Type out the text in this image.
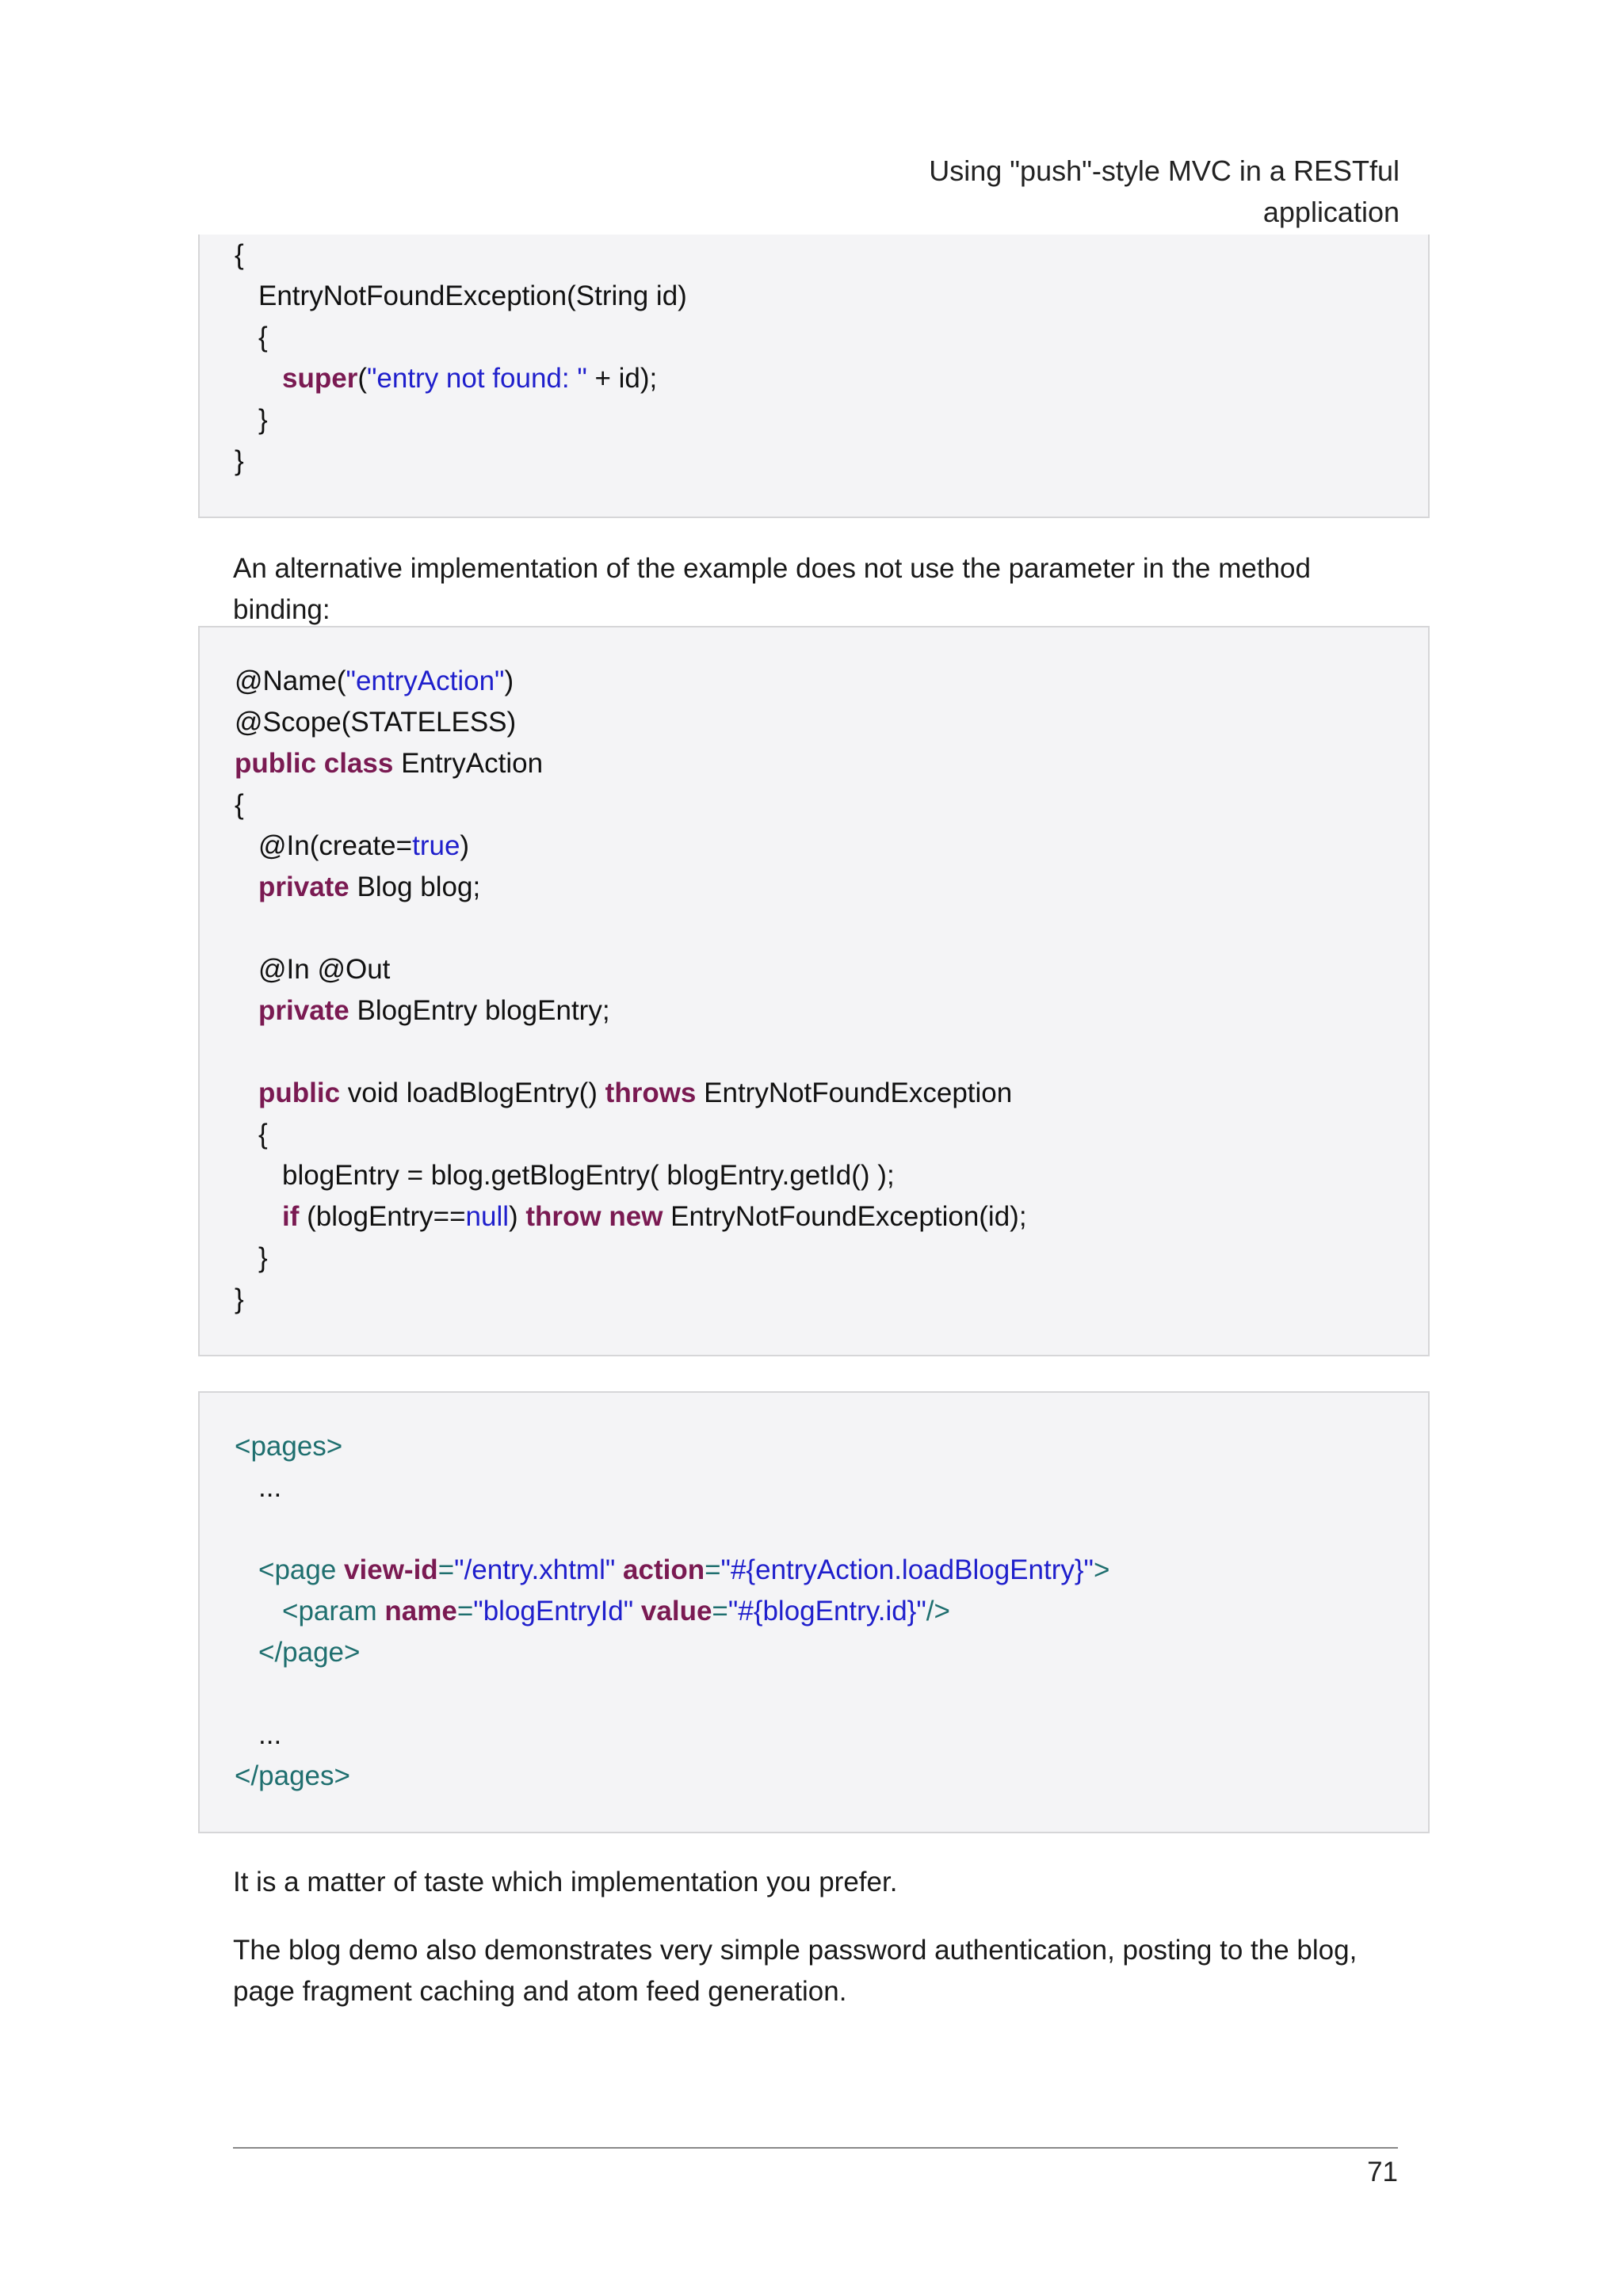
Using "push"-style MVC in a RESTful
application
{
EntryNotFoundException(String id)
{
super("entry not found: " + id);
}
}
An alternative implementation of the example does not use the parameter in the method binding:
@Name("entryAction")
@Scope(STATELESS)
public class EntryAction
{
@In(create=true)
private Blog blog;
@In @Out
private BlogEntry blogEntry;
public void loadBlogEntry() throws EntryNotFoundException
{
blogEntry = blog.getBlogEntry( blogEntry.getId() );
if (blogEntry==null) throw new EntryNotFoundException(id);
}
}
<pages>
...
<page view-id="/entry.xhtml" action="#{entryAction.loadBlogEntry}">
<param name="blogEntryId" value="#{blogEntry.id}"/>
</page>
...
</pages>
It is a matter of taste which implementation you prefer.
The blog demo also demonstrates very simple password authentication, posting to the blog, page fragment caching and atom feed generation.
71
